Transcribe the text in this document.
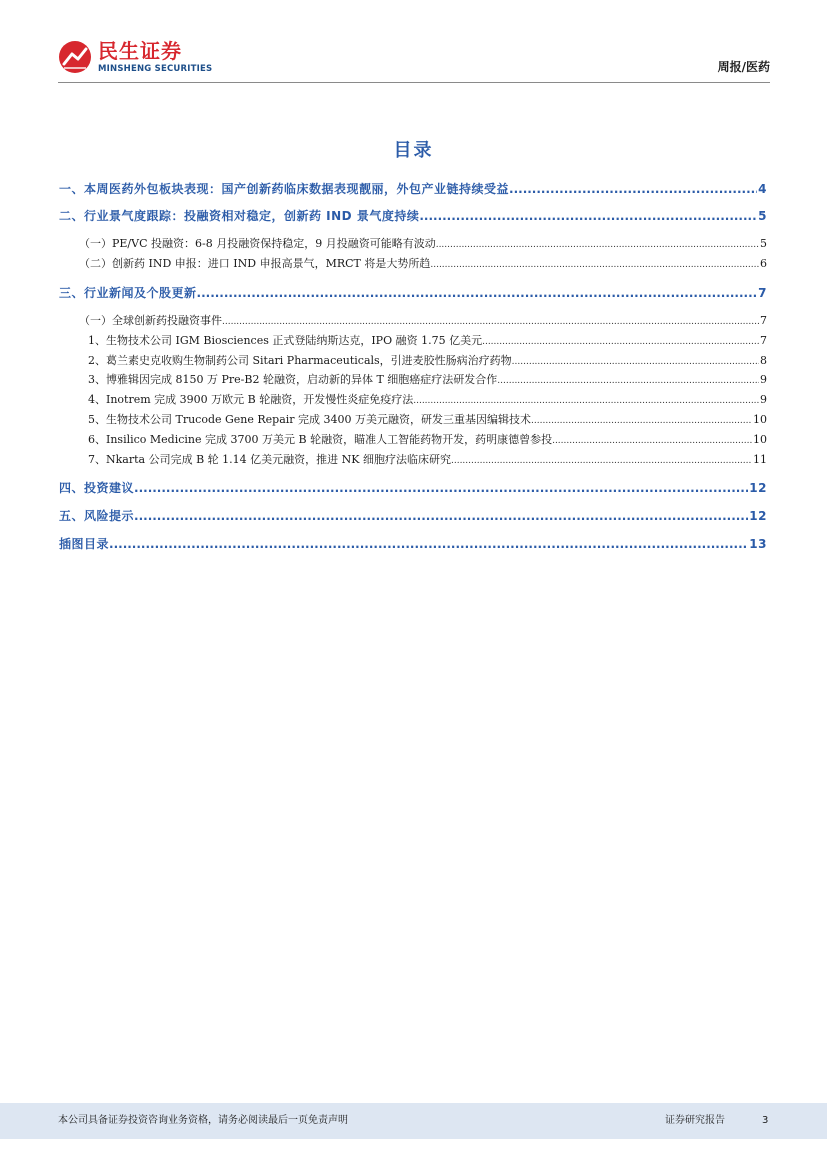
民生证券
MINSHENG SECURITIES	周报/医药
目录
一、本周医药外包板块表现：国产创新药临床数据表现靓丽，外包产业链持续受益 .....	4
二、行业景气度跟踪：投融资相对稳定，创新药 IND 景气度持续 .....	5
（一）PE/VC 投融资：6-8 月投融资保持稳定，9 月投融资可能略有波动 .....	5
（二）创新药 IND 申报：进口 IND 申报高景气，MRCT 将是大势所趋 .....	6
三、行业新闻及个股更新 .....	7
（一）全球创新药投融资事件 .....	7
1、生物技术公司 IGM Biosciences 正式登陆纳斯达克，IPO 融资 1.75 亿美元 .....	7
2、葛兰素史克收购生物制药公司 Sitari Pharmaceuticals，引进麦胶性肠病治疗药物 .....	8
3、博雅辑因完成 8150 万 Pre-B2 轮融资，启动新的异体 T 细胞癌症疗法研发合作 .....	9
4、Inotrem 完成 3900 万欧元 B 轮融资，开发慢性炎症免疫疗法 .....	9
5、生物技术公司 Trucode Gene Repair 完成 3400 万美元融资，研发三重基因编辑技术 .....	10
6、Insilico Medicine 完成 3700 万美元 B 轮融资，瞄准人工智能药物开发，药明康德曾参投 .....	10
7、Nkarta 公司完成 B 轮 1.14 亿美元融资，推进 NK 细胞疗法临床研究 .....	11
四、投资建议 .....	12
五、风险提示 .....	12
插图目录 .....	13
本公司具备证券投资咨询业务资格，请务必阅读最后一页免责声明	证券研究报告	3
